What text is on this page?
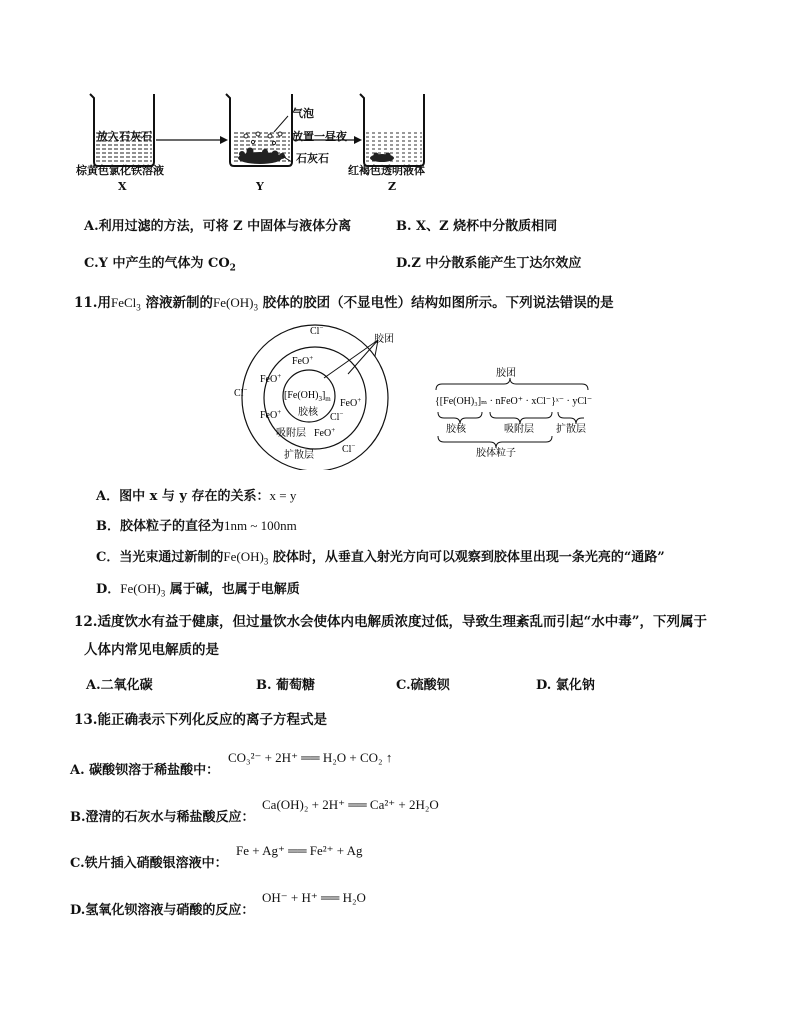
放入石灰石
气泡
放置一昼夜
石灰石
棕黄色氯化铁溶液	红褐色透明液体
X	Y	Z
A.利用过滤的方法，可将 Z 中固体与液体分离	B. X、Z 烧杯中分散质相同
C.Y 中产生的气体为 $CO_2$	D.Z 中分散系能产生丁达尔效应
11.用FeCl$_3$ 溶液新制的$Fe(OH)_3$ 胶体的胶团（不显电性）结构如图所示。下列说法错误的是
Cl−
FeO+
FeO+
Cl−	$[Fe(OH)_3]_m$
胶核
FeO+
Cl−
FeO+
吸附层 FeO+
Cl−
扩散层
胶团
胶团
{[Fe(OH)₃]ₘ · nFeO⁺ · xCl⁻}ˣ⁻ · yCl⁻
胶核	吸附层 扩散层
胶体粒子
A．图中 x 与 y 存在的关系：x = y
B．胶体粒子的直径为1nm ~ 100nm
C．当光束通过新制的$Fe(OH)_3$ 胶体时，从垂直入射光方向可以观察到胶体里出现一条光亮的“通路”
D．$Fe(OH)_3$ 属于碱，也属于电解质
12.适度饮水有益于健康，但过量饮水会使体内电解质浓度过低，导致生理紊乱而引起“水中毒”，下列属于
人体内常见电解质的是
A.二氧化碳	B. 葡萄糖	C.硫酸钡	D. 氯化钠
13.能正确表示下列化反应的离子方程式是
A. 碳酸钡溶于稀盐酸中：
CO₃²⁻ + 2H⁺ ══ H₂O + CO₂ ↑
B.澄清的石灰水与稀盐酸反应：
Ca(OH)₂ + 2H⁺ ══ Ca²⁺ + 2H₂O
C.铁片插入硝酸银溶液中：
Fe + Ag⁺ ══ Fe²⁺ + Ag
D.氢氧化钡溶液与硝酸的反应：
OH⁻ + H⁺ ══ H₂O
